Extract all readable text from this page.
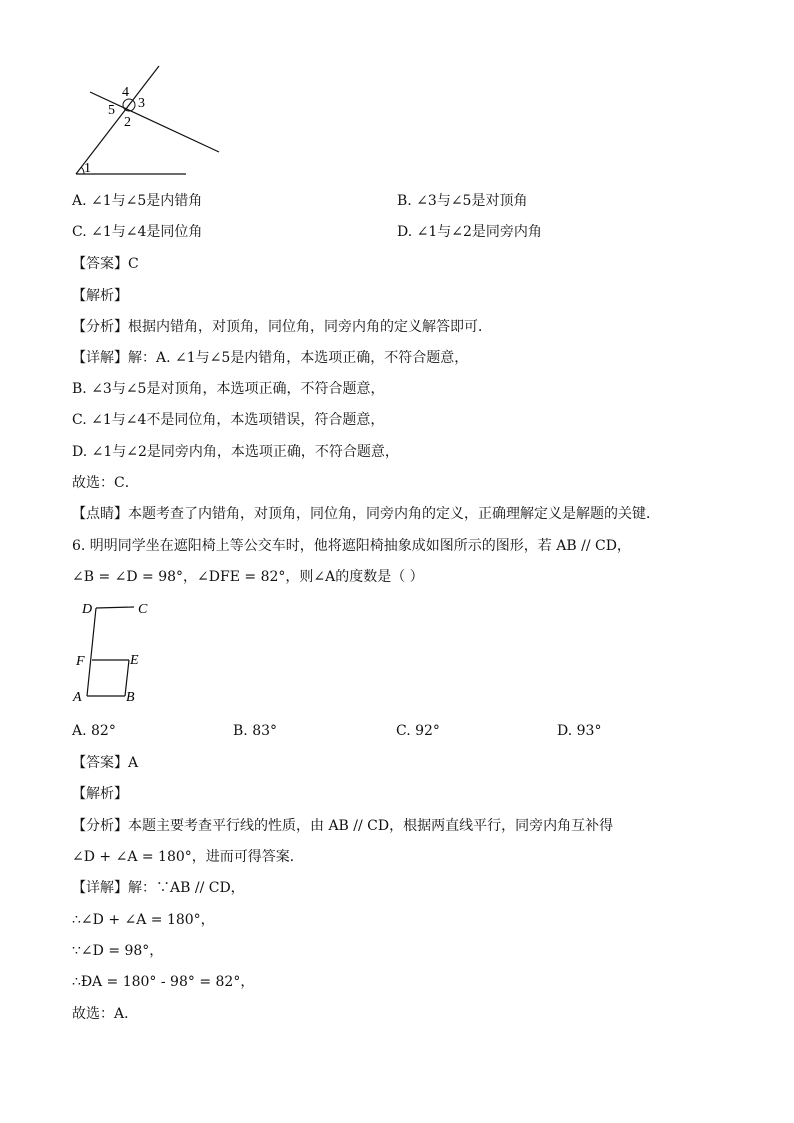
1
2
3
4
5
A. ∠1与∠5是内错角	B. ∠3与∠5是对顶角
C. ∠1与∠4是同位角	D. ∠1与∠2是同旁内角
【答案】C
【解析】
【分析】根据内错角，对顶角，同位角，同旁内角的定义解答即可．
【详解】解：A. ∠1与∠5是内错角，本选项正确，不符合题意，
B. ∠3与∠5是对顶角，本选项正确，不符合题意，
C. ∠1与∠4不是同位角，本选项错误，符合题意，
D. ∠1与∠2是同旁内角，本选项正确，不符合题意，
故选：C．
【点睛】本题考查了内错角，对顶角，同位角，同旁内角的定义，正确理解定义是解题的关键．
6. 明明同学坐在遮阳椅上等公交车时，他将遮阳椅抽象成如图所示的图形，若 AB // CD，
∠B = ∠D = 98°，∠DFE = 82°，则∠A的度数是（ ）
D	C
F	E
A	B
A. 82°	B. 83°	C. 92°	D. 93°
【答案】A
【解析】
【分析】本题主要考查平行线的性质，由 AB // CD，根据两直线平行，同旁内角互补得
∠D + ∠A = 180°，进而可得答案．
【详解】解：∵AB // CD，
∴∠D + ∠A = 180°，
∵∠D = 98°，
∴ÐA = 180° - 98° = 82°，
故选：A．
